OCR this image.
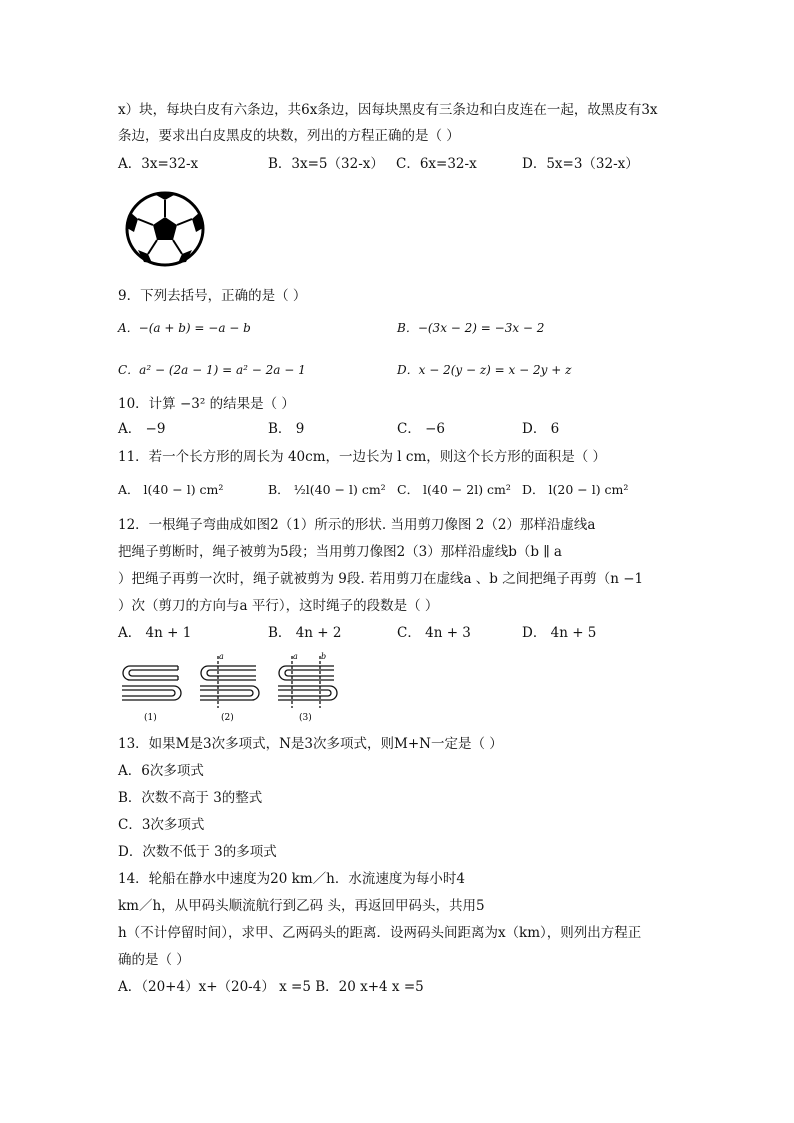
x）块，每块白皮有六条边，共6x条边，因每块黑皮有三条边和白皮连在一起，故黑皮有3x
条边，要求出白皮黑皮的块数，列出的方程正确的是（ ）
A．3x=32-x	B．3x=5（32-x） C．6x=32-x	D．5x=3（32-x）
9．下列去括号，正确的是（ ）
A．−(a + b) = −a − b	B．−(3x − 2) = −3x − 2
C．a² − (2a − 1) = a² − 2a − 1	D．x − 2(y − z) = x − 2y + z
10．计算 −3² 的结果是（ ）
A． −9	B． 9	C． −6	D． 6
11．若一个长方形的周长为 40cm，一边长为 l cm，则这个长方形的面积是（ ）
A． l(40 − l) cm²	B． ½l(40 − l) cm² C． l(40 − 2l) cm² D． l(20 − l) cm²
12．一根绳子弯曲成如图2（1）所示的形状. 当用剪刀像图 2（2）那样沿虚线a
把绳子剪断时，绳子被剪为5段；当用剪刀像图2（3）那样沿虚线b（b ∥ a
）把绳子再剪一次时，绳子就被剪为 9段. 若用剪刀在虚线a 、b 之间把绳子再剪（n −1
）次（剪刀的方向与a 平行），这时绳子的段数是（ ）
A． 4n + 1	B． 4n + 2	C． 4n + 3	D． 4n + 5
a	a	b
(1)	(2)	(3)
13．如果M是3次多项式，N是3次多项式，则M+N一定是（ ）
A．6次多项式
B．次数不高于 3的整式
C．3次多项式
D．次数不低于 3的多项式
14．轮船在静水中速度为20 km／h．水流速度为每小时4
km／h，从甲码头顺流航行到乙码 头，再返回甲码头，共用5
h（不计停留时间），求甲、乙两码头的距离．设两码头间距离为x（km），则列出方程正
确的是（ ）
A．（20+4）x+（20-4） x =5 B．20 x+4 x =5
